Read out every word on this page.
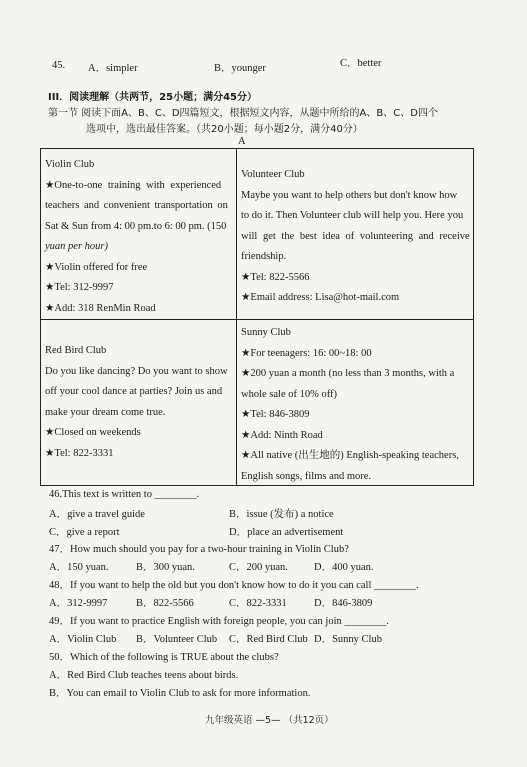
45. A．simpler	B．younger	C．better
III．阅读理解（共两节，25小题；满分45分）
第一节 阅读下面A、B、C、D四篇短文，根据短文内容，从题中所给的A、B、C、D四个
选项中，选出最佳答案。（共20小题；每小题2分，满分40分）
A
Violin Club
★ One-to-one training with experienced
teachers and convenient transportation on
Sat & Sun from 4: 00 pm.to 6: 00 pm. (150
yuan per hour)
★ Violin offered for free
★ Tel: 312-9997
★ Add: 318 RenMin Road
Volunteer Club
Maybe you want to help others but don't know how
to do it. Then Volunteer club will help you. Here you
will get the best idea of volunteering and receive
friendship.
★ Tel: 822-5566
★ Email address: Lisa@hot-mail.com
Red Bird Club
Do you like dancing? Do you want to show
off your cool dance at parties? Join us and
make your dream come true.
★ Closed on weekends
★ Tel: 822-3331
Sunny Club
★ For teenagers: 16: 00~18: 00
★ 200 yuan a month (no less than 3 months, with a
whole sale of 10% off)
★ Tel: 846-3809
★ Add: Ninth Road
★ All native (出生地的) English-speaking teachers,
English songs, films and more.
46.This text is written to ________.
A．give a travel guide	B．issue (发布) a notice
C．give a report	D．place an advertisement
47．How much should you pay for a two-hour training in Violin Club?
A．150 yuan.	B．300 yuan.	C．200 yuan. D．400 yuan.
48．If you want to help the old but you don't know how to do it you can call ________.
A．312-9997	B．822-5566	C．822-3331	D．846-3809
49．If you want to practice English with foreign people, you can join ________.
A．Violin Club B．Volunteer Club C．Red Bird Club D．Sunny Club
50．Which of the following is TRUE about the clubs?
A．Red Bird Club teaches teens about birds.
B．You can email to Violin Club to ask for more information.
九年级英语 —5— （共12页）
